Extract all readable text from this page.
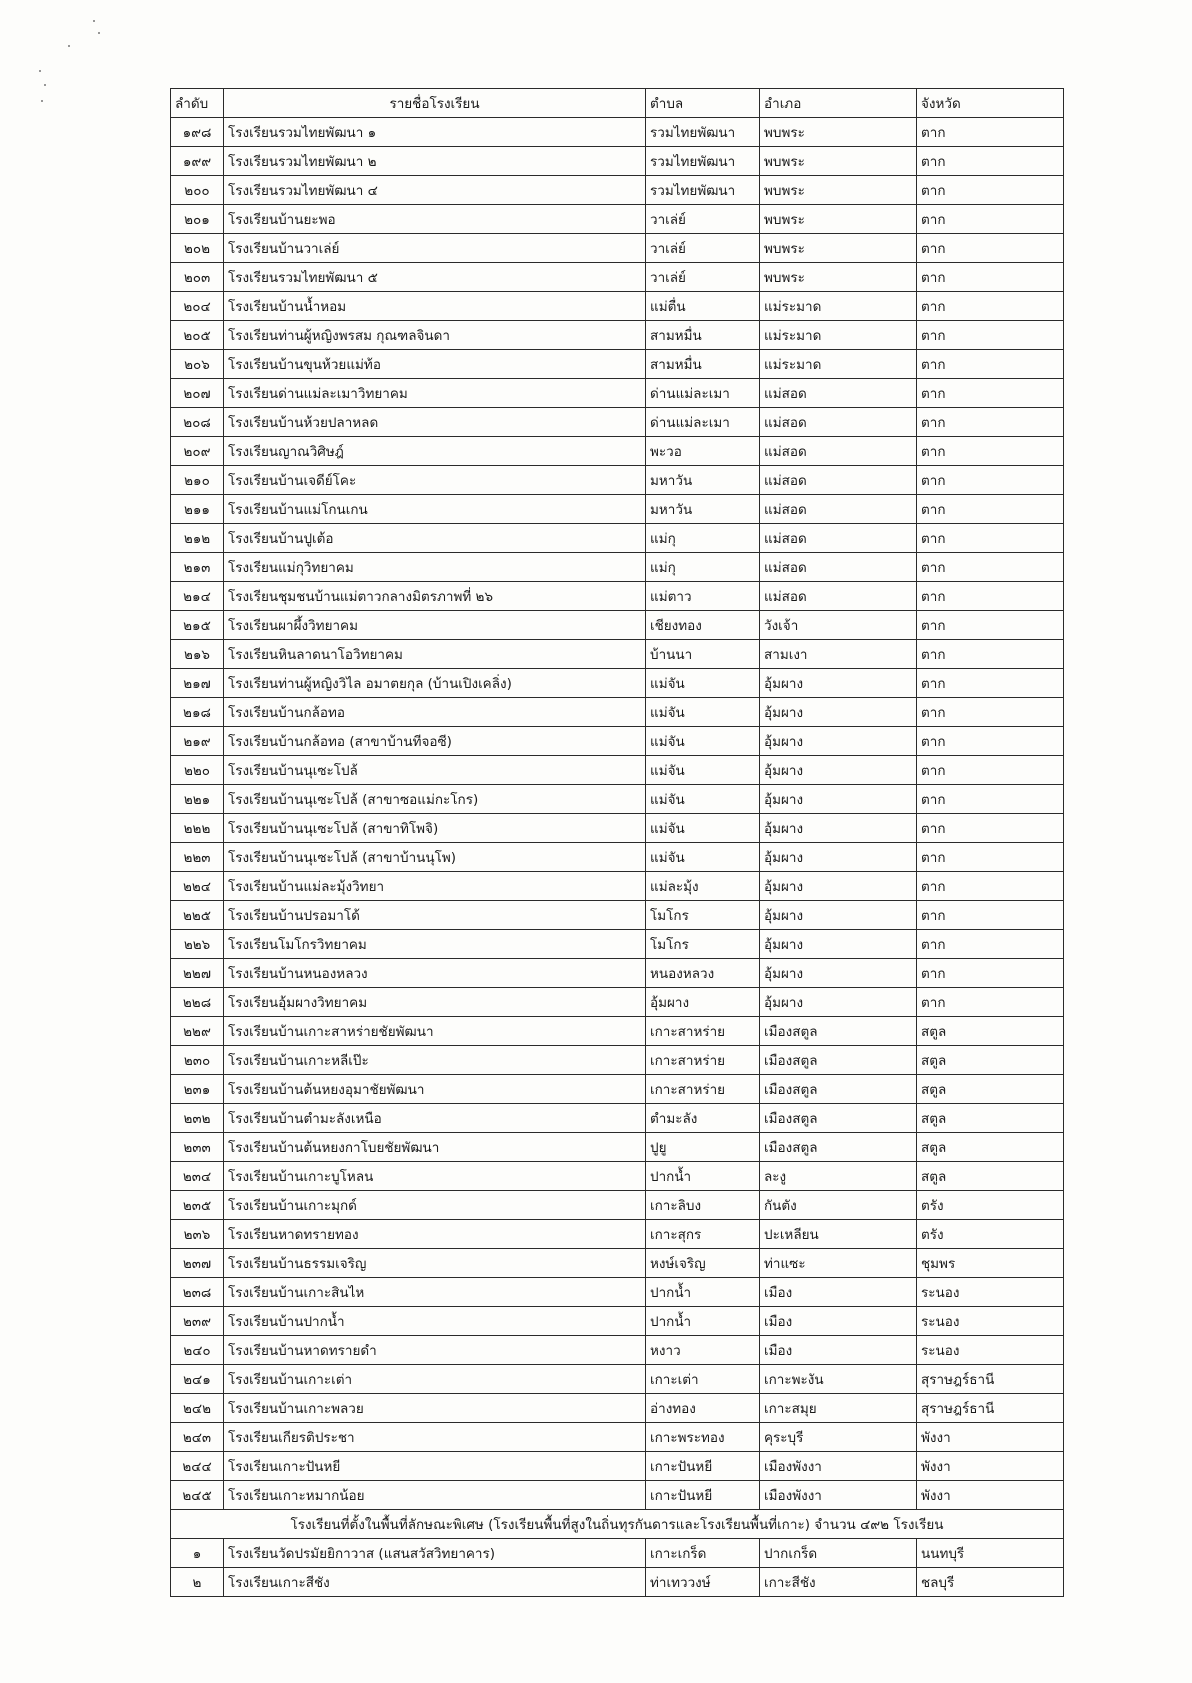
ลำดับ	รายชื่อโรงเรียน	ตำบล	อำเภอ	จังหวัด
๑๙๘	โรงเรียนรวมไทยพัฒนา ๑	รวมไทยพัฒนา	พบพระ	ตาก
๑๙๙	โรงเรียนรวมไทยพัฒนา ๒	รวมไทยพัฒนา	พบพระ	ตาก
๒๐๐	โรงเรียนรวมไทยพัฒนา ๔	รวมไทยพัฒนา	พบพระ	ตาก
๒๐๑	โรงเรียนบ้านยะพอ	วาเล่ย์	พบพระ	ตาก
๒๐๒	โรงเรียนบ้านวาเล่ย์	วาเล่ย์	พบพระ	ตาก
๒๐๓	โรงเรียนรวมไทยพัฒนา ๕	วาเล่ย์	พบพระ	ตาก
๒๐๔	โรงเรียนบ้านน้ำหอม	แม่ตื่น	แม่ระมาด	ตาก
๒๐๕	โรงเรียนท่านผู้หญิงพรสม กุณฑลจินดา	สามหมื่น	แม่ระมาด	ตาก
๒๐๖	โรงเรียนบ้านขุนห้วยแม่ท้อ	สามหมื่น	แม่ระมาด	ตาก
๒๐๗	โรงเรียนด่านแม่ละเมาวิทยาคม	ด่านแม่ละเมา	แม่สอด	ตาก
๒๐๘	โรงเรียนบ้านห้วยปลาหลด	ด่านแม่ละเมา	แม่สอด	ตาก
๒๐๙	โรงเรียนญาณวิศิษฎ์	พะวอ	แม่สอด	ตาก
๒๑๐	โรงเรียนบ้านเจดีย์โคะ	มหาวัน	แม่สอด	ตาก
๒๑๑	โรงเรียนบ้านแม่โกนเกน	มหาวัน	แม่สอด	ตาก
๒๑๒	โรงเรียนบ้านปูเต้อ	แม่กุ	แม่สอด	ตาก
๒๑๓	โรงเรียนแม่กุวิทยาคม	แม่กุ	แม่สอด	ตาก
๒๑๔	โรงเรียนชุมชนบ้านแม่ตาวกลางมิตรภาพที่ ๒๖	แม่ตาว	แม่สอด	ตาก
๒๑๕	โรงเรียนผาผึ้งวิทยาคม	เชียงทอง	วังเจ้า	ตาก
๒๑๖	โรงเรียนหินลาดนาโอวิทยาคม	บ้านนา	สามเงา	ตาก
๒๑๗	โรงเรียนท่านผู้หญิงวิไล อมาตยกุล (บ้านเปิงเคลิ่ง)	แม่จัน	อุ้มผาง	ตาก
๒๑๘	โรงเรียนบ้านกล้อทอ	แม่จัน	อุ้มผาง	ตาก
๒๑๙	โรงเรียนบ้านกล้อทอ (สาขาบ้านทีจอซี)	แม่จัน	อุ้มผาง	ตาก
๒๒๐	โรงเรียนบ้านนุเซะโปล้	แม่จัน	อุ้มผาง	ตาก
๒๒๑	โรงเรียนบ้านนุเซะโปล้ (สาขาซอแม่กะโกร)	แม่จัน	อุ้มผาง	ตาก
๒๒๒	โรงเรียนบ้านนุเซะโปล้ (สาขาทิโพจิ)	แม่จัน	อุ้มผาง	ตาก
๒๒๓	โรงเรียนบ้านนุเซะโปล้ (สาขาบ้านนุโพ)	แม่จัน	อุ้มผาง	ตาก
๒๒๔	โรงเรียนบ้านแม่ละมุ้งวิทยา	แม่ละมุ้ง	อุ้มผาง	ตาก
๒๒๕	โรงเรียนบ้านปรอมาโด้	โมโกร	อุ้มผาง	ตาก
๒๒๖	โรงเรียนโมโกรวิทยาคม	โมโกร	อุ้มผาง	ตาก
๒๒๗	โรงเรียนบ้านหนองหลวง	หนองหลวง	อุ้มผาง	ตาก
๒๒๘	โรงเรียนอุ้มผางวิทยาคม	อุ้มผาง	อุ้มผาง	ตาก
๒๒๙	โรงเรียนบ้านเกาะสาหร่ายชัยพัฒนา	เกาะสาหร่าย	เมืองสตูล	สตูล
๒๓๐	โรงเรียนบ้านเกาะหลีเป๊ะ	เกาะสาหร่าย	เมืองสตูล	สตูล
๒๓๑	โรงเรียนบ้านต้นหยงอุมาชัยพัฒนา	เกาะสาหร่าย	เมืองสตูล	สตูล
๒๓๒	โรงเรียนบ้านตำมะลังเหนือ	ตำมะลัง	เมืองสตูล	สตูล
๒๓๓	โรงเรียนบ้านต้นหยงกาโบยชัยพัฒนา	ปูยู	เมืองสตูล	สตูล
๒๓๔	โรงเรียนบ้านเกาะบูโหลน	ปากน้ำ	ละงู	สตูล
๒๓๕	โรงเรียนบ้านเกาะมุกด์	เกาะลิบง	กันตัง	ตรัง
๒๓๖	โรงเรียนหาดทรายทอง	เกาะสุกร	ปะเหลียน	ตรัง
๒๓๗	โรงเรียนบ้านธรรมเจริญ	หงษ์เจริญ	ท่าแซะ	ชุมพร
๒๓๘	โรงเรียนบ้านเกาะสินไห	ปากน้ำ	เมือง	ระนอง
๒๓๙	โรงเรียนบ้านปากน้ำ	ปากน้ำ	เมือง	ระนอง
๒๔๐	โรงเรียนบ้านหาดทรายดำ	หงาว	เมือง	ระนอง
๒๔๑	โรงเรียนบ้านเกาะเต่า	เกาะเต่า	เกาะพะงัน	สุราษฎร์ธานี
๒๔๒	โรงเรียนบ้านเกาะพลวย	อ่างทอง	เกาะสมุย	สุราษฎร์ธานี
๒๔๓	โรงเรียนเกียรติประชา	เกาะพระทอง	คุระบุรี	พังงา
๒๔๔	โรงเรียนเกาะปันหยี	เกาะปันหยี	เมืองพังงา	พังงา
๒๔๕	โรงเรียนเกาะหมากน้อย	เกาะปันหยี	เมืองพังงา	พังงา
โรงเรียนที่ตั้งในพื้นที่ลักษณะพิเศษ (โรงเรียนพื้นที่สูงในถิ่นทุรกันดารและโรงเรียนพื้นที่เกาะ) จำนวน ๔๙๒ โรงเรียน				
๑	โรงเรียนวัดปรมัยยิกาวาส (แสนสวัสวิทยาคาร)	เกาะเกร็ด	ปากเกร็ด	นนทบุรี
๒	โรงเรียนเกาะสีชัง	ท่าเทววงษ์	เกาะสีชัง	ชลบุรี
